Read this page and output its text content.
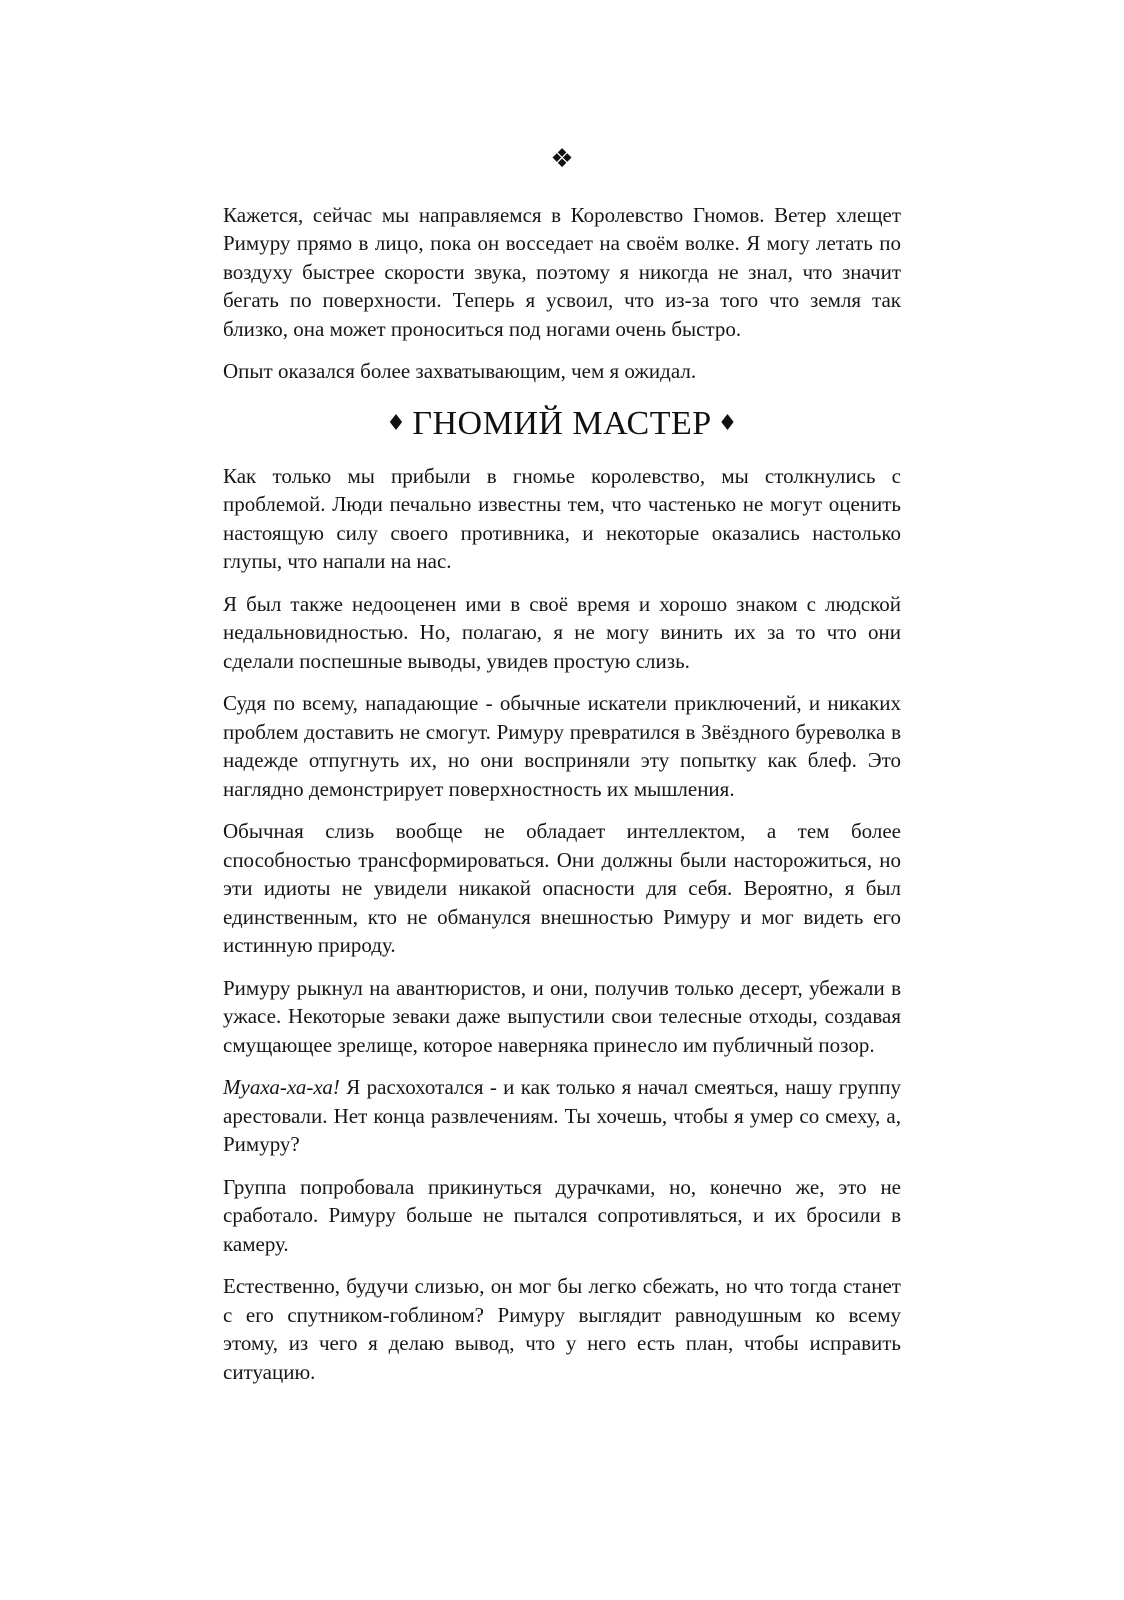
❖

Кажется, сейчас мы направляемся в Королевство Гномов. Ветер хлещет Римуру прямо в лицо, пока он восседает на своём волке. Я могу летать по воздуху быстрее скорости звука, поэтому я никогда не знал, что значит бегать по поверхности. Теперь я усвоил, что из-за того что земля так близко, она может проноситься под ногами очень быстро.

Опыт оказался более захватывающим, чем я ожидал.

♦ ГНОМИЙ МАСТЕР ♦

Как только мы прибыли в гномье королевство, мы столкнулись с проблемой. Люди печально известны тем, что частенько не могут оценить настоящую силу своего противника, и некоторые оказались настолько глупы, что напали на нас.

Я был также недооценен ими в своё время и хорошо знаком с людской недальновидностью. Но, полагаю, я не могу винить их за то что они сделали поспешные выводы, увидев простую слизь.

Судя по всему, нападающие - обычные искатели приключений, и никаких проблем доставить не смогут. Римуру превратился в Звёздного буреволка в надежде отпугнуть их, но они восприняли эту попытку как блеф. Это наглядно демонстрирует поверхностность их мышления.

Обычная слизь вообще не обладает интеллектом, а тем более способностью трансформироваться. Они должны были насторожиться, но эти идиоты не увидели никакой опасности для себя. Вероятно, я был единственным, кто не обманулся внешностью Римуру и мог видеть его истинную природу.

Римуру рыкнул на авантюристов, и они, получив только десерт, убежали в ужасе. Некоторые зеваки даже выпустили свои телесные отходы, создавая смущающее зрелище, которое наверняка принесло им публичный позор.

Муаха-ха-ха! Я расхохотался - и как только я начал смеяться, нашу группу арестовали. Нет конца развлечениям. Ты хочешь, чтобы я умер со смеху, а, Римуру?

Группа попробовала прикинуться дурачками, но, конечно же, это не сработало. Римуру больше не пытался сопротивляться, и их бросили в камеру.

Естественно, будучи слизью, он мог бы легко сбежать, но что тогда станет с его спутником-гоблином? Римуру выглядит равнодушным ко всему этому, из чего я делаю вывод, что у него есть план, чтобы исправить ситуацию.
